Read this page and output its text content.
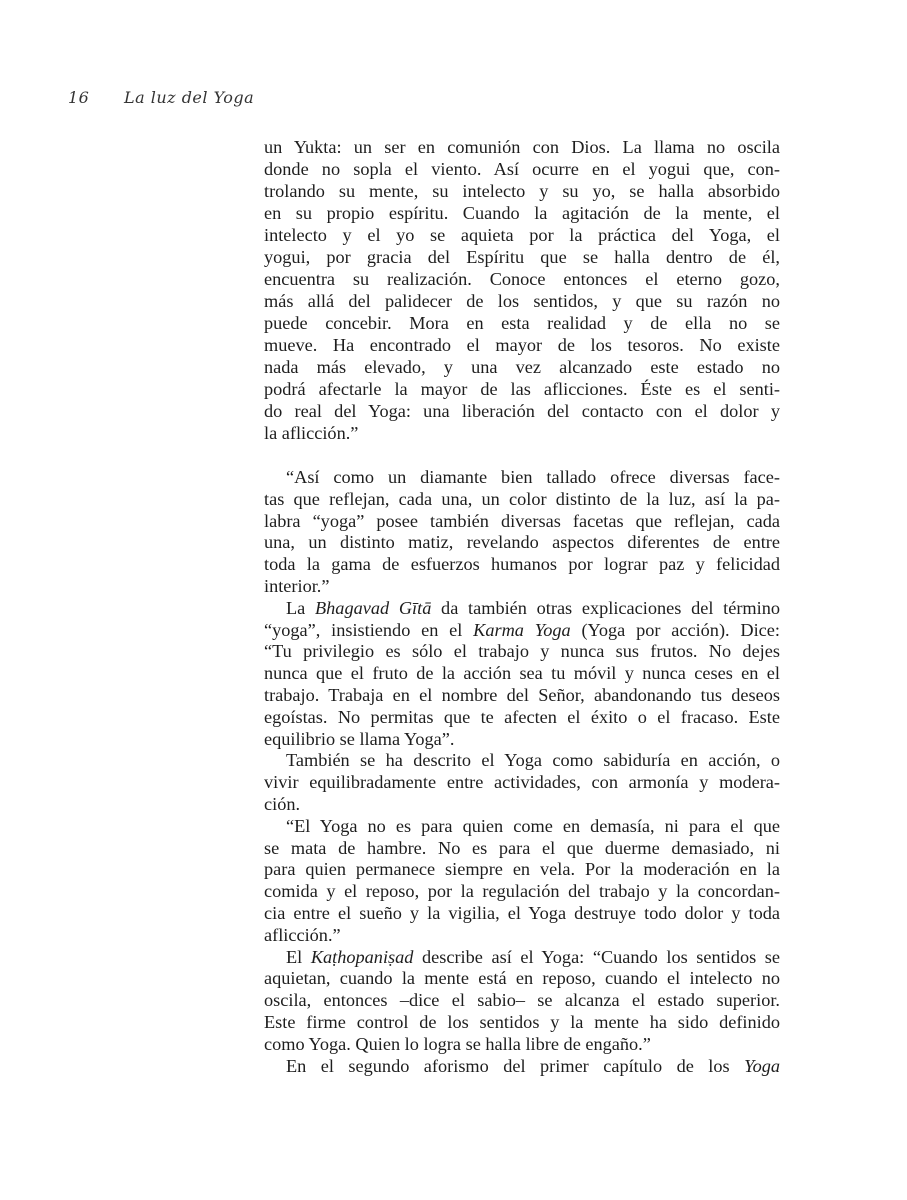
16 La luz del Yoga
un Yukta: un ser en comunión con Dios. La llama no oscila
donde no sopla el viento. Así ocurre en el yogui que, con-
trolando su mente, su intelecto y su yo, se halla absorbido
en su propio espíritu. Cuando la agitación de la mente, el
intelecto y el yo se aquieta por la práctica del Yoga, el
yogui, por gracia del Espíritu que se halla dentro de él,
encuentra su realización. Conoce entonces el eterno gozo,
más allá del palidecer de los sentidos, y que su razón no
puede concebir. Mora en esta realidad y de ella no se
mueve. Ha encontrado el mayor de los tesoros. No existe
nada más elevado, y una vez alcanzado este estado no
podrá afectarle la mayor de las aflicciones. Éste es el senti-
do real del Yoga: una liberación del contacto con el dolor y
la aflicción.”
“Así como un diamante bien tallado ofrece diversas face-
tas que reflejan, cada una, un color distinto de la luz, así la pa-
labra “yoga” posee también diversas facetas que reflejan, cada
una, un distinto matiz, revelando aspectos diferentes de entre
toda la gama de esfuerzos humanos por lograr paz y felicidad
interior.”
La Bhagavad Gītā da también otras explicaciones del término
“yoga”, insistiendo en el Karma Yoga (Yoga por acción). Dice:
“Tu privilegio es sólo el trabajo y nunca sus frutos. No dejes
nunca que el fruto de la acción sea tu móvil y nunca ceses en el
trabajo. Trabaja en el nombre del Señor, abandonando tus deseos
egoístas. No permitas que te afecten el éxito o el fracaso. Este
equilibrio se llama Yoga”.
También se ha descrito el Yoga como sabiduría en acción, o
vivir equilibradamente entre actividades, con armonía y modera-
ción.
“El Yoga no es para quien come en demasía, ni para el que
se mata de hambre. No es para el que duerme demasiado, ni
para quien permanece siempre en vela. Por la moderación en la
comida y el reposo, por la regulación del trabajo y la concordan-
cia entre el sueño y la vigilia, el Yoga destruye todo dolor y toda
aflicción.”
El Kaṭhopaniṣad describe así el Yoga: “Cuando los sentidos se
aquietan, cuando la mente está en reposo, cuando el intelecto no
oscila, entonces –dice el sabio– se alcanza el estado superior.
Este firme control de los sentidos y la mente ha sido definido
como Yoga. Quien lo logra se halla libre de engaño.”
En el segundo aforismo del primer capítulo de los Yoga
